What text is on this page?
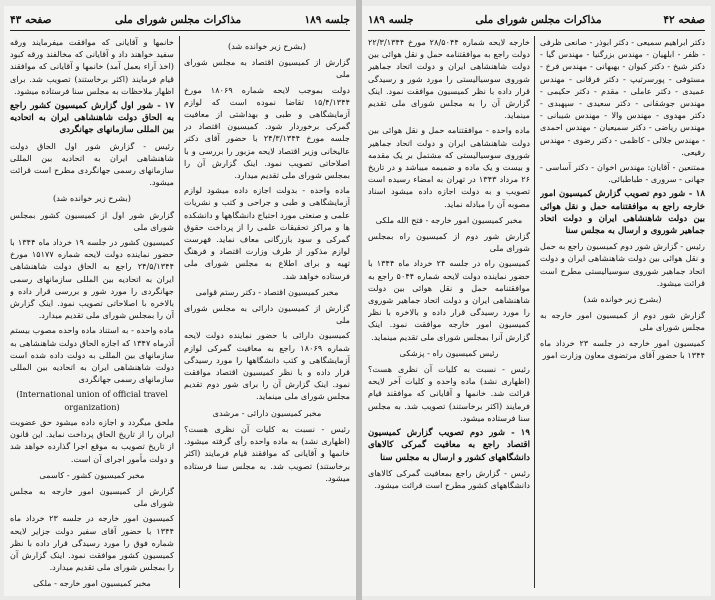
جلسه ۱۸۹
مذاکرات مجلس شورای ملی
صفحه ۴۳

(بشرح زیر خوانده شد)

گزارش از کمیسیون اقتصاد به مجلس شورای ملی

دولت بموجب لایحه شماره ۱۸۰۶۹ مورخ ۱۵/۴/۱۳۴۴ تقاضا نموده است که لوازم آزمایشگاهی و طبی و بهداشتی از معافیت گمرکی برخوردار شود. کمیسیون اقتصاد در جلسه مورخ ۲۴/۳/۱۳۴۴ با حضور آقای دکتر عالیخانی وزیر اقتصاد لایحه مزبور را بررسی و با اصلاحاتی تصویب نمود. اینک گزارش آن را بمجلس شورای ملی تقدیم میدارد.

ماده واحده - بدولت اجازه داده میشود لوازم آزمایشگاهی و طبی و جراحی و کتب و نشریات علمی و صنعتی مورد احتیاج دانشگاهها و دانشکده ها و مراکز تحقیقات علمی را از پرداخت حقوق گمرکی و سود بازرگانی معاف نماید. فهرست لوازم مذکور از طرف وزارت اقتصاد و فرهنگ تهیه و برای اطلاع به مجلس شورای ملی فرستاده خواهد شد.

مخبر کمیسیون اقتصاد - دکتر رستم قوامی

گزارش از کمیسیون دارائی به مجلس شورای ملی

کمیسیون دارائی با حضور نماینده دولت لایحه شماره ۱۸۰۶۹ راجع به معافیت گمرکی لوازم آزمایشگاهی و کتب دانشگاهها را مورد رسیدگی قرار داده و با نظر کمیسیون اقتصاد موافقت نمود. اینک گزارش آن را برای شور دوم تقدیم مجلس شورای ملی مینماید.

مخبر کمیسیون دارائی - مرشدی

رئیس - نسبت به کلیات آن نظری هست؟ (اظهاری نشد) به ماده واحده رأی گرفته میشود. خانمها و آقایانی که موافقند قیام فرمایند (اکثر برخاستند) تصویب شد. به مجلس سنا فرستاده میشود.

خانمها و آقایانی که موافقت میفرمایند ورقه سفید خواهند داد و آقایانی که مخالفند ورقه کبود (اخذ آراء بعمل آمد) خانمها و آقایانی که موافقند قیام فرمایند (اکثر برخاستند) تصویب شد. برای اظهار ملاحظات به مجلس سنا فرستاده میشود.

۱۷ - شور اول گزارش کمیسیون کشور راجع به الحاق دولت شاهنشاهی ایران به اتحادیه بین المللی سازمانهای جهانگردی

رئیس - گزارش شور اول الحاق دولت شاهنشاهی ایران به اتحادیه بین المللی سازمانهای رسمی جهانگردی مطرح است قرائت میشود.

(بشرح زیر خوانده شد)

گزارش شور اول از کمیسیون کشور بمجلس شورای ملی

کمیسیون کشور در جلسه ۱۹ خرداد ماه ۱۳۴۴ با حضور نماینده دولت لایحه شماره ۱۵۱۷۷ مورخ ۲۴/۵/۱۳۴۴ راجع به الحاق دولت شاهنشاهی ایران به اتحادیه بین المللی سازمانهای رسمی جهانگردی را مورد شور و بررسی قرار داده و بالاخره با اصلاحاتی تصویب نمود. اینک گزارش آن را بمجلس شورای ملی تقدیم میدارد.

ماده واحده - به استناد ماده واحده مصوب بیستم آذرماه ۱۳۴۷ که اجازه الحاق دولت شاهنشاهی به سازمانهای بین المللی به دولت داده شده است دولت شاهنشاهی ایران به اتحادیه بین المللی سازمانهای رسمی جهانگردی

(International union of official travel organization)

ملحق میگردد و اجازه داده میشود حق عضویت ایران را از تاریخ الحاق پرداخت نماید. این قانون از تاریخ تصویب به موقع اجرا گذارده خواهد شد و دولت مأمور اجرای آن است.

مخبر کمیسیون کشور - کاسمی

گزارش از کمیسیون امور خارجه به مجلس شورای ملی

کمیسیون امور خارجه در جلسه ۲۳ خرداد ماه ۱۳۴۴ با حضور آقای سفیر دولت جزایر لایحه شماره فوق را مورد رسیدگی قرار داده با نظر کمیسیون کشور موافقت نمود. اینک گزارش آن را بمجلس شورای ملی تقدیم میدارد.

مخبر کمیسیون امور خارجه - ملکی

صفحه ۴۲
مذاکرات مجلس شورای ملی
جلسه ۱۸۹

دکتر ابراهیم سمیعی - دکتر ابوذر - صانعی ظرفی - ظفر - ابلهیان - مهندس بزرگنیا - مهندس گیا - دکتر شیخ - دکتر کیوان - بهبهانی - مهندس فرخ - مستوفی - پورسرتیپ - دکتر فرقانی - مهندس عمیدی - دکتر عاملی - مقدم - دکتر حکیمی - مهندس جوشقانی - دکتر سعیدی - سپهبدی - دکتر مهدوی - مهندس والا - مهندس شیبانی - مهندس ریاضی - دکتر سمیعیان - مهندس احمدی - مهندس جلالی - کاظمی - دکتر رضوی - مهندس رفیعی.

ممتنعین - آقایان: مهندس اخوان - دکتر آساسی - جهانی - سروری - طباطبائی.

۱۸ - شور دوم تصویب گزارش کمیسیون امور خارجه راجع به موافقتنامه حمل و نقل هوائی بین دولت شاهنشاهی ایران و دولت اتحاد جماهیر شوروی و ارسال به مجلس سنا

رئیس - گزارش شور دوم کمیسیون راجع به حمل و نقل هوائی بین دولت شاهنشاهی ایران و دولت اتحاد جماهیر شوروی سوسیالیستی مطرح است قرائت میشود.

(بشرح زیر خوانده شد)

گزارش شور دوم از کمیسیون امور خارجه به مجلس شورای ملی

کمیسیون امور خارجه در جلسه ۲۳ خرداد ماه ۱۳۴۴ با حضور آقای مرتضوی معاون وزارت امور

خارجه لایحه شماره ۲۸/۵۰۴۴ مورخ ۲۲/۳/۱۳۴۴ دولت راجع به موافقتنامه حمل و نقل هوائی بین دولت شاهنشاهی ایران و دولت اتحاد جماهیر شوروی سوسیالیستی را مورد شور و رسیدگی قرار داده با نظر کمیسیون موافقت نمود. اینک گزارش آن را به مجلس شورای ملی تقدیم مینماید.

ماده واحده - موافقتنامه حمل و نقل هوائی بین دولت شاهنشاهی ایران و دولت اتحاد جماهیر شوروی سوسیالیستی که مشتمل بر یک مقدمه و بیست و یک ماده و ضمیمه میباشد و در تاریخ ۲۶ مرداد ۱۳۴۳ در تهران به امضاء رسیده است تصویب و به دولت اجازه داده میشود اسناد مصوبه آن را مبادله نماید.

مخبر کمیسیون امور خارجه - فتح الله ملکی

گزارش شور دوم از کمیسیون راه بمجلس شورای ملی

کمیسیون راه در جلسه ۲۴ خرداد ماه ۱۳۴۴ با حضور نماینده دولت لایحه شماره ۵۰۴۴ راجع به موافقتنامه حمل و نقل هوائی بین دولت شاهنشاهی ایران و دولت اتحاد جماهیر شوروی را مورد رسیدگی قرار داده و بالاخره با نظر کمیسیون امور خارجه موافقت نمود. اینک گزارش آنرا بمجلس شورای ملی تقدیم مینماید.

رئیس کمیسیون راه - پزشکی

رئیس - نسبت به کلیات آن نظری هست؟ (اظهاری نشد) ماده واحده و کلیات آخر لایحه قرائت شد. خانمها و آقایانی که موافقند قیام فرمایند (اکثر برخاستند) تصویب شد. به مجلس سنا فرستاده میشود.

۱۹ - شور دوم تصویب گزارش کمیسیون اقتصاد راجع به معافیت گمرکی کالاهای دانشگاههای کشور و ارسال به مجلس سنا

رئیس - گزارش راجع بمعافیت گمرکی کالاهای دانشگاههای کشور مطرح است قرائت میشود.
